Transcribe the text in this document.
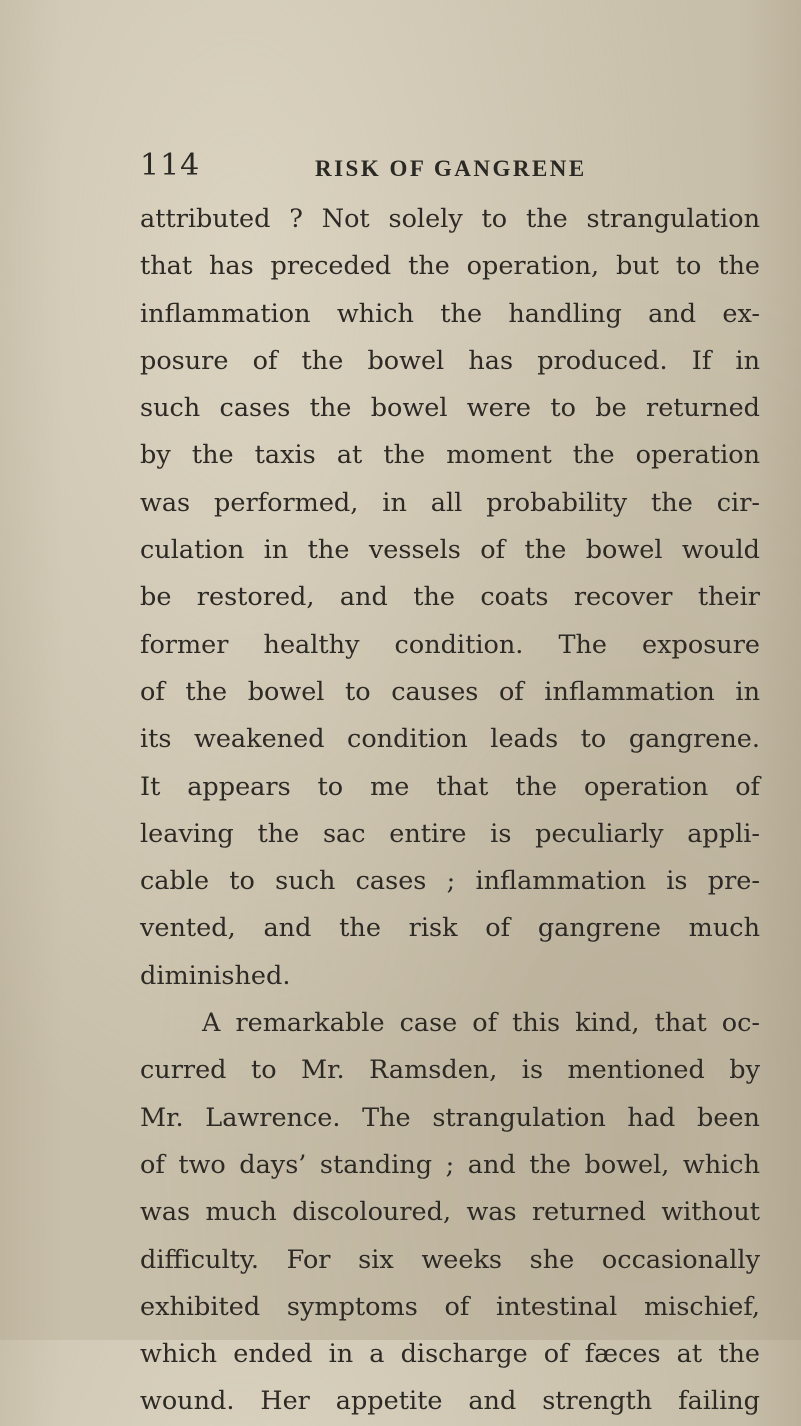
114	RISK OF GANGRENE
attributed ? Not solely to the strangulation
that has preceded the operation, but to the
inflammation which the handling and ex-
posure of the bowel has produced. If in
such cases the bowel were to be returned
by the taxis at the moment the operation
was performed, in all probability the cir-
culation in the vessels of the bowel would
be restored, and the coats recover their
former healthy condition. The exposure
of the bowel to causes of inflammation in
its weakened condition leads to gangrene.
It appears to me that the operation of
leaving the sac entire is peculiarly appli-
cable to such cases ; inflammation is pre-
vented, and the risk of gangrene much
diminished.
A remarkable case of this kind, that oc-
curred to Mr. Ramsden, is mentioned by
Mr. Lawrence. The strangulation had been
of two days’ standing ; and the bowel, which
was much discoloured, was returned without
difficulty. For six weeks she occasionally
exhibited symptoms of intestinal mischief,
which ended in a discharge of fæces at the
wound. Her appetite and strength failing
